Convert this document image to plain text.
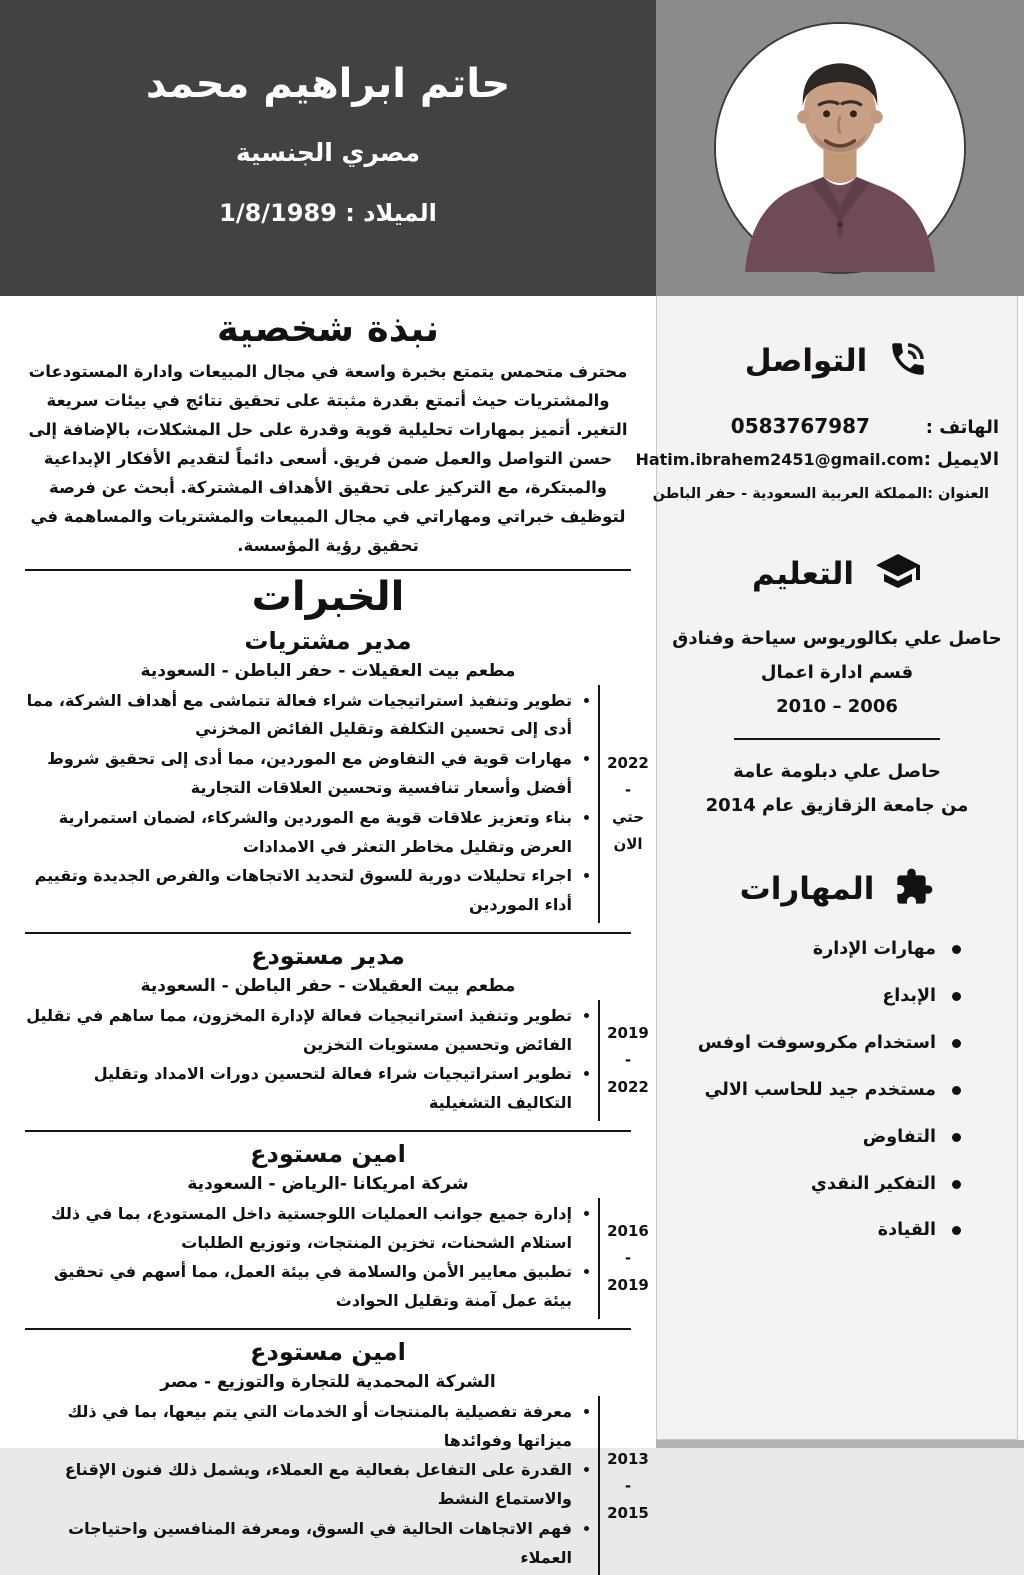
حاتم ابراهيم محمد
مصري الجنسية
الميلاد : 1/8/1989
نبذة شخصية

محترف متحمس يتمتع بخبرة واسعة في مجال المبيعات وادارة المستودعات والمشتريات حيث أتمتع بقدرة مثبتة على تحقيق نتائج في بيئات سريعة التغير. أتميز بمهارات تحليلية قوية وقدرة على حل المشكلات، بالإضافة إلى حسن التواصل والعمل ضمن فريق. أسعى دائماً لتقديم الأفكار الإبداعية والمبتكرة، مع التركيز على تحقيق الأهداف المشتركة. أبحث عن فرصة لتوظيف خبراتي ومهاراتي في مجال المبيعات والمشتريات والمساهمة في تحقيق رؤية المؤسسة.

الخبرات
مدير مشتريات
مطعم بيت العقيلات - حفر الباطن - السعودية
• تطوير وتنفيذ استراتيجيات شراء فعالة تتماشى مع أهداف الشركة، مما أدى إلى تحسين التكلفة وتقليل الفائض المخزني
• مهارات قوية في التفاوض مع الموردين، مما أدى إلى تحقيق شروط أفضل وأسعار تنافسية وتحسين العلاقات التجارية
• بناء وتعزيز علاقات قوية مع الموردين والشركاء، لضمان استمرارية العرض وتقليل مخاطر التعثر في الامدادات
• اجراء تحليلات دورية للسوق لتحديد الاتجاهات والفرص الجديدة وتقييم أداء الموردين
2022
-
حتي
الان
مدير مستودع
مطعم بيت العقيلات - حفر الباطن - السعودية
• تطوير وتنفيذ استراتيجيات فعالة لإدارة المخزون، مما ساهم في تقليل الفائض وتحسين مستويات التخزين
• تطوير استراتيجيات شراء فعالة لتحسين دورات الامداد وتقليل التكاليف التشغيلية
2019
-
2022
امين مستودع
شركة امريكانا -الرياض - السعودية
• إدارة جميع جوانب العمليات اللوجستية داخل المستودع، بما في ذلك استلام الشحنات، تخزين المنتجات، وتوزيع الطلبات
• تطبيق معايير الأمن والسلامة في بيئة العمل، مما أسهم في تحقيق بيئة عمل آمنة وتقليل الحوادث
2016
-
2019
امين مستودع
الشركة المحمدية للتجارة والتوزيع - مصر
• معرفة تفصيلية بالمنتجات أو الخدمات التي يتم بيعها، بما في ذلك ميزاتها وفوائدها
• القدرة على التفاعل بفعالية مع العملاء، ويشمل ذلك فنون الإقناع والاستماع النشط
• فهم الاتجاهات الحالية في السوق، ومعرفة المنافسين واحتياجات العملاء
2013
-
2015
التواصل
الهاتف :
0583767987
الايميل :
Hatim.ibrahem2451@gmail.com
العنوان :المملكة العربية السعودية - حفر الباطن
التعليم
حاصل علي بكالوريوس سياحة وفنادق
قسم ادارة اعمال
2006 – 2010
حاصل علي دبلومة عامة
من جامعة الزقازيق عام 2014
المهارات
مهارات الإدارة
الإبداع
استخدام مكروسوفت اوفس
مستخدم جيد للحاسب الالي
التفاوض
التفكير النقدي
القيادة
